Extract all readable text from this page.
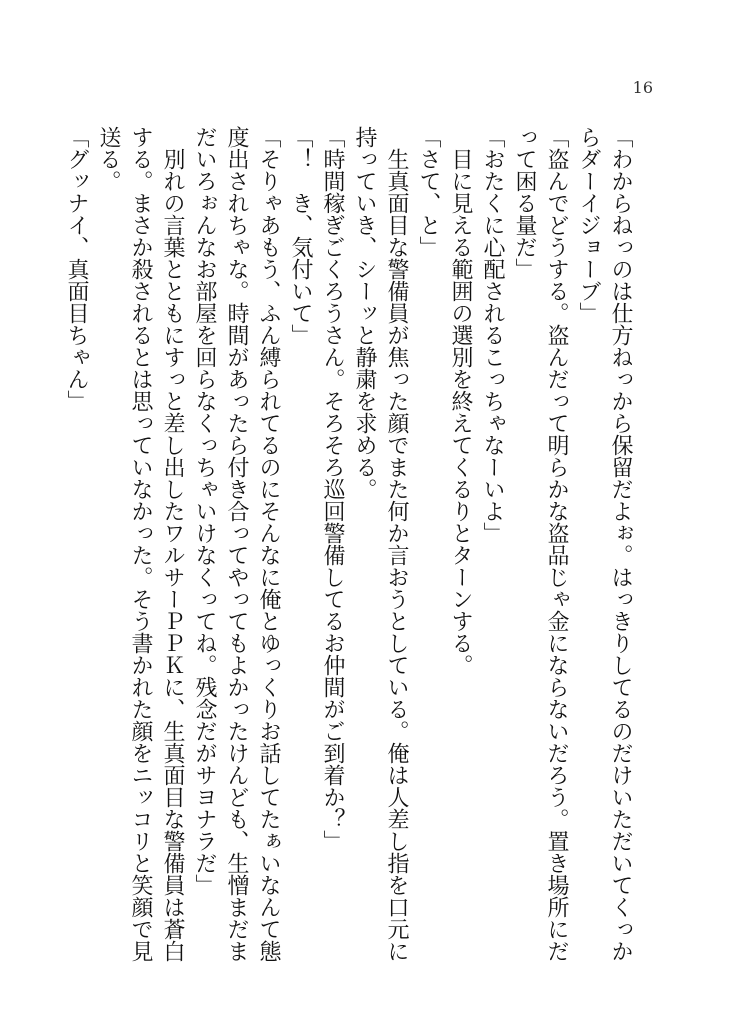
16

「わからねっのは仕方ねっから保留だよぉ。はっきりしてるのだけいただいてくっからダーイジョーブ」

「盗んでどうする。盗んだって明らかな盗品じゃ金にならないだろう。置き場所にだって困る量だ」

「おたくに心配されるこっちゃなーいよ」

目に見える範囲の選別を終えてくるりとターンする。

「さて、と」

生真面目な警備員が焦った顔でまた何か言おうとしている。俺は人差し指を口元に持っていき、シーッと静粛を求める。

「時間稼ぎごくろうさん。そろそろ巡回警備してるお仲間がご到着か？」

「！　き、気付いて」

「そりゃあもう、ふん縛られてるのにそんなに俺とゆっくりお話してたぁいなんて態度出されちゃな。時間があったら付き合ってやってもよかったけんども、生憎まだまだいろぉんなお部屋を回らなくっちゃいけなくってね。残念だがサヨナラだ」

別れの言葉とともにすっと差し出したワルサーＰＰＫに、生真面目な警備員は蒼白する。まさか殺されるとは思っていなかった。そう書かれた顔をニッコリと笑顔で見送る。

「グッナイ、真面目ちゃん」
